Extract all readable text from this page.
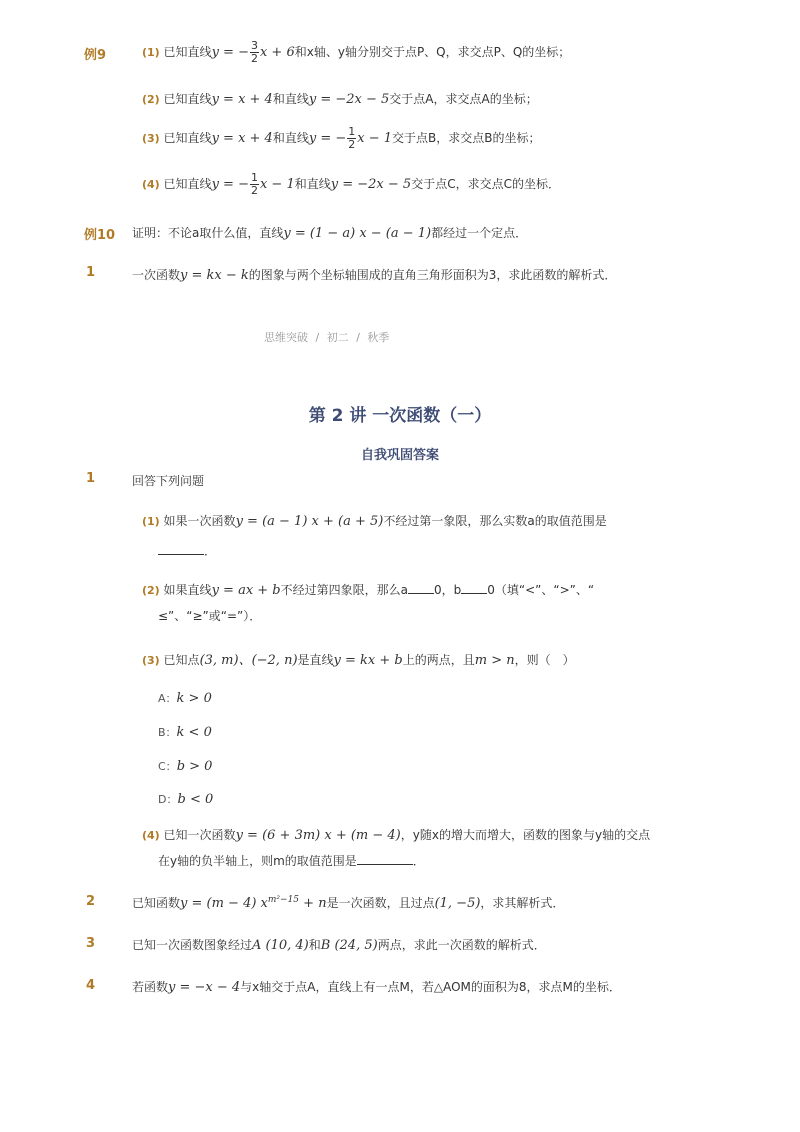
例9	(1) 已知直线y = − $\frac{3}{2}$ x + 6和x轴、y轴分别交于点P、Q，求交点P、Q的坐标；
(2) 已知直线y = x + 4和直线y = −2x − 5交于点A，求交点A的坐标；
(3) 已知直线y = x + 4和直线y = − $\frac{1}{2}$ x − 1交于点B，求交点B的坐标；
(4) 已知直线y = − $\frac{1}{2}$ x − 1和直线y = −2x − 5交于点C，求交点C的坐标．
例10 证明：不论a取什么值，直线y = (1 − a) x − (a − 1)都经过一个定点．
1	一次函数y = kx − k的图象与两个坐标轴围成的直角三角形面积为3，求此函数的解析式．
思维突破 / 初二 / 秋季
第 2 讲 一次函数（一）
自我巩固答案
1	回答下列问题
(1) 如果一次函数y = (a − 1) x + (a + 5)不经过第一象限，那么实数a的取值范围是
．
(2) 如果直线y = ax + b不经过第四象限，那么a 0，b 0（填“<”、“>”、“
≤”、“≥”或“=”）．
(3) 已知点(3, m)、(−2, n)是直线y = kx + b上的两点，且m > n，则（　）
A：k > 0
B：k < 0
C：b > 0
D：b < 0
(4) 已知一次函数y = (6 + 3m) x + (m − 4)，y随x的增大而增大，函数的图象与y轴的交点
在y轴的负半轴上，则m的取值范围是	．
2	已知函数y = (m − 4) $x^{m^2-15} + n$是一次函数，且过点(1, −5)，求其解析式．
3	已知一次函数图象经过A (10, 4)和B (24, 5)两点，求此一次函数的解析式．
4	若函数y = −x − 4与x轴交于点A，直线上有一点M，若△AOM的面积为8，求点M的坐标．
